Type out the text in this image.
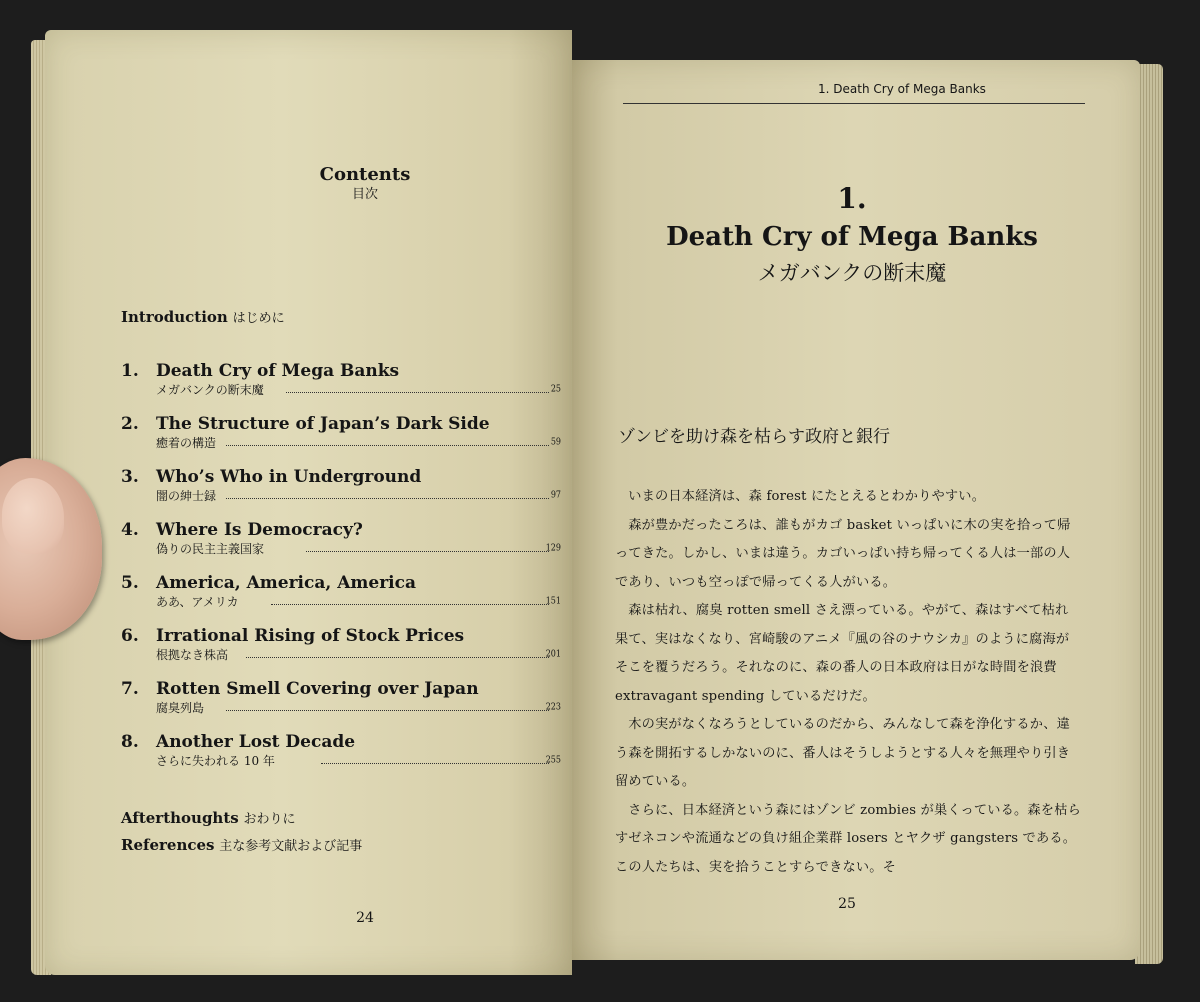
Contents
目次
Introduction はじめに
1. Death Cry of Mega Banks
メガバンクの断末魔	25
2. The Structure of Japan’s Dark Side
癒着の構造	59
3. Who’s Who in Underground
闇の紳士録	97
4. Where Is Democracy?
偽りの民主主義国家	129
5. America, America, America
ああ、アメリカ	151
6. Irrational Rising of Stock Prices
根拠なき株高	201
7. Rotten Smell Covering over Japan
腐臭列島	223
8. Another Lost Decade
さらに失われる 10 年	255
Afterthoughts おわりに
References 主な参考文献および記事
24
1. Death Cry of Mega Banks
1.
Death Cry of Mega Banks
メガバンクの断末魔
ゾンビを助け森を枯らす政府と銀行

いまの日本経済は、森 forest にたとえるとわかりやすい。

森が豊かだったころは、誰もがカゴ basket いっぱいに木の実を拾って帰ってきた。しかし、いまは違う。カゴいっぱい持ち帰ってくる人は一部の人であり、いつも空っぽで帰ってくる人がいる。

森は枯れ、腐臭 rotten smell さえ漂っている。やがて、森はすべて枯れ果て、実はなくなり、宮崎駿のアニメ『風の谷のナウシカ』のように腐海がそこを覆うだろう。それなのに、森の番人の日本政府は日がな時間を浪費 extravagant spending しているだけだ。

木の実がなくなろうとしているのだから、みんなして森を浄化するか、違う森を開拓するしかないのに、番人はそうしようとする人々を無理やり引き留めている。

さらに、日本経済という森にはゾンビ zombies が巣くっている。森を枯らすゼネコンや流通などの負け組企業群 losers とヤクザ gangsters である。この人たちは、実を拾うことすらできない。そ

25
